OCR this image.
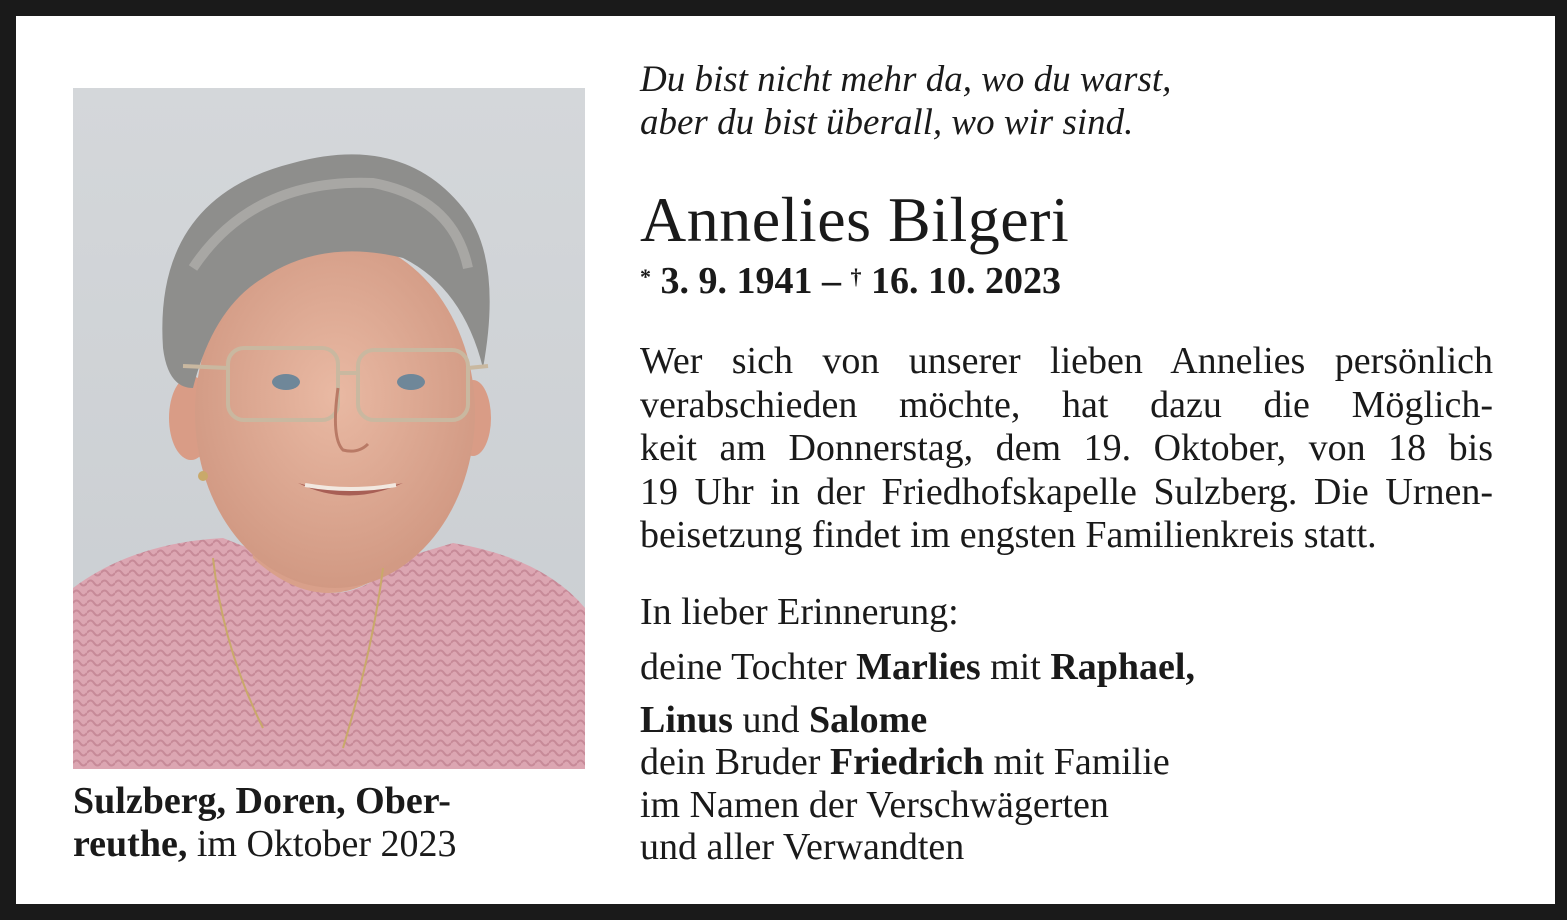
Sulzberg, Doren, Ober-
reuthe, im Oktober 2023
Du bist nicht mehr da, wo du warst,
aber du bist überall, wo wir sind.
Annelies Bilgeri
* 3. 9. 1941 – † 16. 10. 2023
Wer sich von unserer lieben Annelies persönlich
verabschieden möchte, hat dazu die Möglich-
keit am Donnerstag, dem 19. Oktober, von 18 bis
19 Uhr in der Friedhofskapelle Sulzberg. Die Urnen-
beisetzung findet im engsten Familienkreis statt.
In lieber Erinnerung:
deine Tochter Marlies mit Raphael,
Linus und Salome
dein Bruder Friedrich mit Familie
im Namen der Verschwägerten
und aller Verwandten
